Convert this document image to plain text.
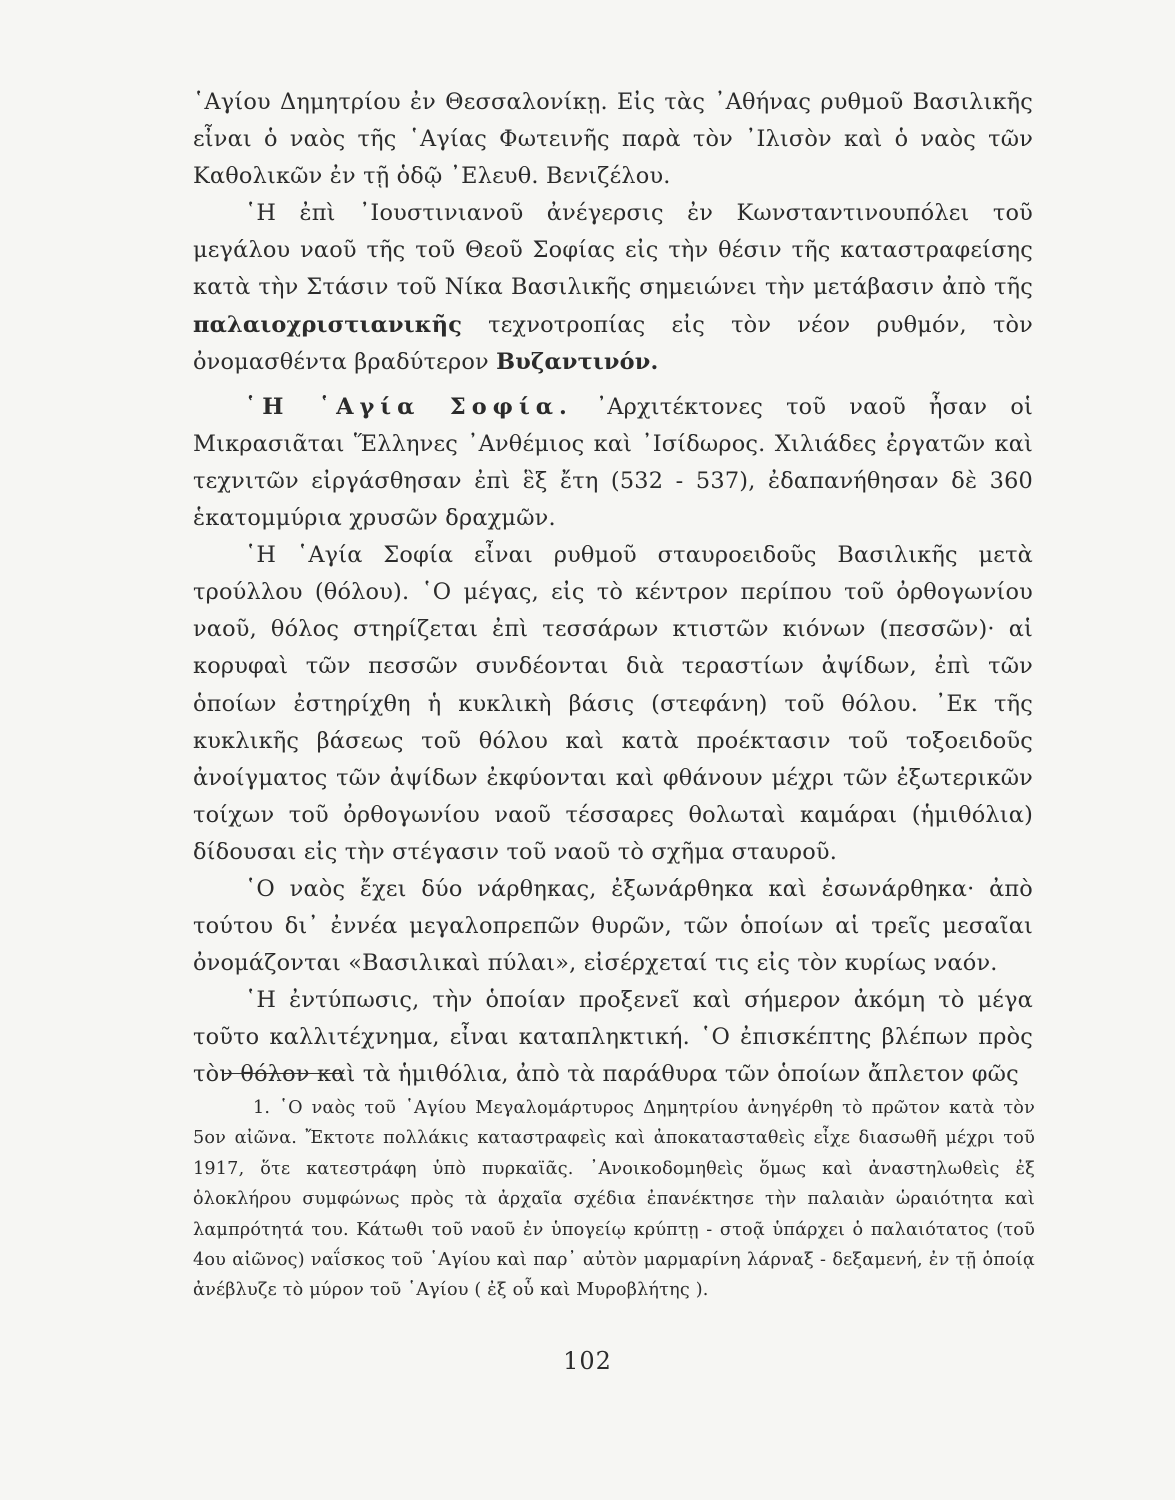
῾Αγίου Δημητρίου ἐν Θεσσαλονίκῃ. Εἰς τὰς ᾿Αθήνας ρυθμοῦ Βασιλικῆς εἶναι ὁ ναὸς τῆς ῾Αγίας Φωτεινῆς παρὰ τὸν ᾿Ιλισὸν καὶ ὁ ναὸς τῶν Καθολικῶν ἐν τῇ ὁδῷ ᾿Ελευθ. Βενιζέλου.

῾Η ἐπὶ ᾿Ιουστινιανοῦ ἀνέγερσις ἐν Κωνσταντινουπόλει τοῦ μεγάλου ναοῦ τῆς τοῦ Θεοῦ Σοφίας εἰς τὴν θέσιν τῆς καταστραφείσης κατὰ τὴν Στάσιν τοῦ Νίκα Βασιλικῆς σημειώνει τὴν μετάβασιν ἀπὸ τῆς παλαιοχριστιανικῆς τεχνοτροπίας εἰς τὸν νέον ρυθμόν, τὸν ὀνομασθέντα βραδύτερον Βυζαντινόν.

῾Η ῾Αγία Σοφία. ᾿Αρχιτέκτονες τοῦ ναοῦ ἦσαν οἱ Μικρασιᾶται Ἕλληνες ᾿Ανθέμιος καὶ ᾿Ισίδωρος. Χιλιάδες ἐργατῶν καὶ τεχνιτῶν εἰργάσθησαν ἐπὶ ἓξ ἔτη (532 - 537), ἐδαπανήθησαν δὲ 360 ἑκατομμύρια χρυσῶν δραχμῶν.

῾Η ῾Αγία Σοφία εἶναι ρυθμοῦ σταυροειδοῦς Βασιλικῆς μετὰ τρούλλου (θόλου). ῾Ο μέγας, εἰς τὸ κέντρον περίπου τοῦ ὀρθογωνίου ναοῦ, θόλος στηρίζεται ἐπὶ τεσσάρων κτιστῶν κιόνων (πεσσῶν)· αἱ κορυφαὶ τῶν πεσσῶν συνδέονται διὰ τεραστίων ἀψίδων, ἐπὶ τῶν ὁποίων ἐστηρίχθη ἡ κυκλικὴ βάσις (στεφάνη) τοῦ θόλου. ᾿Εκ τῆς κυκλικῆς βάσεως τοῦ θόλου καὶ κατὰ προέκτασιν τοῦ τοξοειδοῦς ἀνοίγματος τῶν ἀψίδων ἐκφύονται καὶ φθάνουν μέχρι τῶν ἐξωτερικῶν τοίχων τοῦ ὀρθογωνίου ναοῦ τέσσαρες θολωταὶ καμάραι (ἡμιθόλια) δίδουσαι εἰς τὴν στέγασιν τοῦ ναοῦ τὸ σχῆμα σταυροῦ.

῾Ο ναὸς ἔχει δύο νάρθηκας, ἐξωνάρθηκα καὶ ἐσωνάρθηκα· ἀπὸ τούτου δι᾿ ἐννέα μεγαλοπρεπῶν θυρῶν, τῶν ὁποίων αἱ τρεῖς μεσαῖαι ὀνομάζονται «Βασιλικαὶ πύλαι», εἰσέρχεταί τις εἰς τὸν κυρίως ναόν.

῾Η ἐντύπωσις, τὴν ὁποίαν προξενεῖ καὶ σήμερον ἀκόμη τὸ μέγα τοῦτο καλλιτέχνημα, εἶναι καταπληκτική. ῾Ο ἐπισκέπτης βλέπων πρὸς τὸν θόλον καὶ τὰ ἡμιθόλια, ἀπὸ τὰ παράθυρα τῶν ὁποίων ἄπλετον φῶς

1. ῾Ο ναὸς τοῦ ῾Αγίου Μεγαλομάρτυρος Δημητρίου ἀνηγέρθη τὸ πρῶτον κατὰ τὸν 5ον αἰῶνα. Ἔκτοτε πολλάκις καταστραφεὶς καὶ ἀποκατασταθεὶς εἶχε διασωθῆ μέχρι τοῦ 1917, ὅτε κατεστράφη ὑπὸ πυρκαϊᾶς. ᾿Ανοικοδομηθεὶς ὅμως καὶ ἀναστηλωθεὶς ἐξ ὁλοκλήρου συμφώνως πρὸς τὰ ἀρχαῖα σχέδια ἐπανέκτησε τὴν παλαιὰν ὡραιότητα καὶ λαμπρότητά του. Κάτωθι τοῦ ναοῦ ἐν ὑπογείῳ κρύπτῃ - στοᾷ ὑπάρχει ὁ παλαιότατος (τοῦ 4ου αἰῶνος) ναΐσκος τοῦ ῾Αγίου καὶ παρ᾿ αὐτὸν μαρμαρίνη λάρναξ - δεξαμενή, ἐν τῇ ὁποίᾳ ἀνέβλυζε τὸ μύρον τοῦ ῾Αγίου ( ἐξ οὗ καὶ Μυροβλήτης ).

102
